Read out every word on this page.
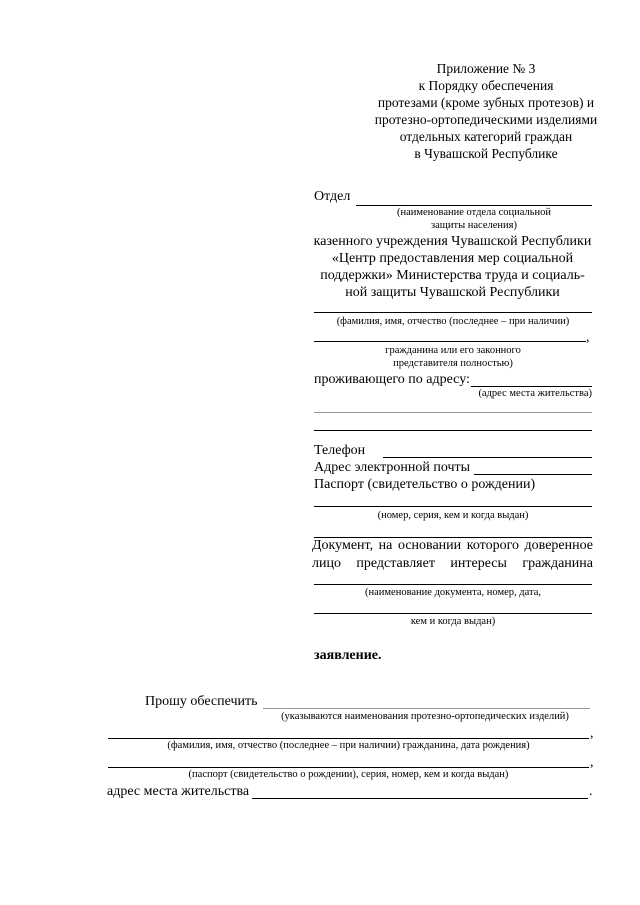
Приложение № 3
к Порядку обеспечения
протезами (кроме зубных протезов) и
протезно-ортопедическими изделиями
отдельных категорий граждан
в Чувашской Республике
Отдел
(наименование отдела социальной
защиты населения)
казенного учреждения Чувашской Республики
«Центр предоставления мер социальной
поддержки» Министерства труда и социаль-
ной защиты Чувашской Республики
(фамилия, имя, отчество (последнее – при наличии)
,
гражданина или его законного
представителя полностью)
проживающего по адресу:
(адрес места жительства)
Телефон
Адрес электронной почты
Паспорт (свидетельство о рождении)
(номер, серия, кем и когда выдан)
Документ, на основании которого доверенное
лицо представляет интересы гражданина
(наименование документа, номер, дата,
кем и когда выдан)
заявление.
Прошу обеспечить
(указываются наименования протезно-ортопедических изделий)
,
(фамилия, имя, отчество (последнее – при наличии) гражданина, дата рождения)
,
(паспорт (свидетельство о рождении), серия, номер, кем и когда выдан)
адрес места жительства	.
